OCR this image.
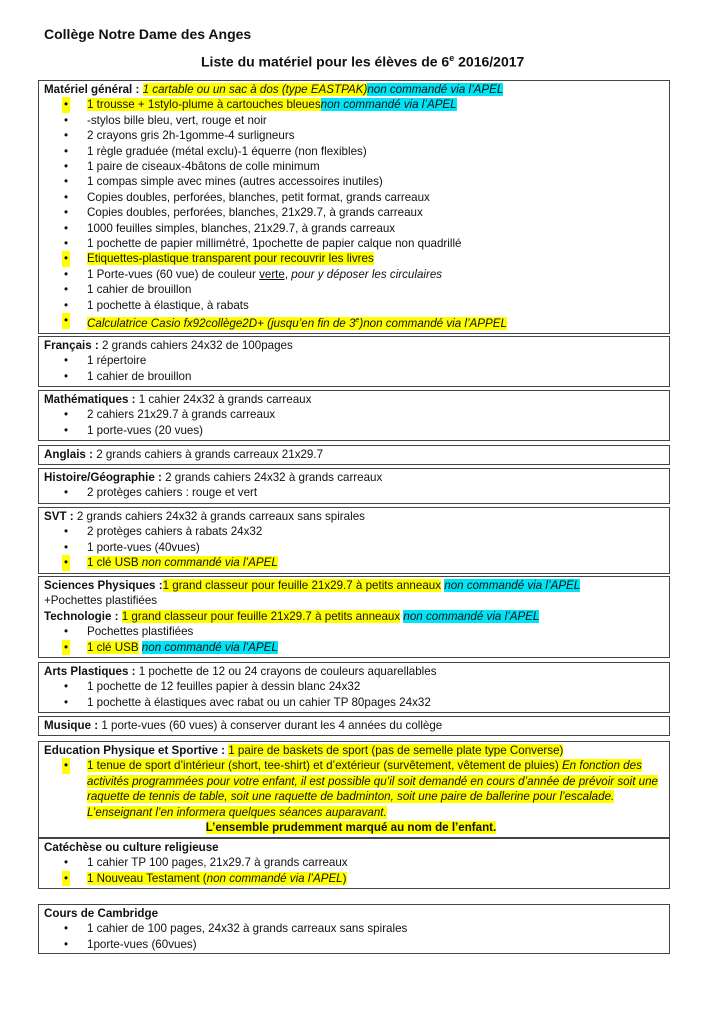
Collège Notre Dame des Anges
Liste du matériel pour les élèves de 6e 2016/2017
Matériel général : 1 cartable ou un sac à dos (type EASTPAK)non commandé via l’APEL
• 1 trousse + 1stylo-plume à cartouches bleuesnon commandé via l’APEL
• -stylos bille bleu, vert, rouge et noir
• 2 crayons gris 2h-1gomme-4 surligneurs
• 1 règle graduée (métal exclu)-1 équerre (non flexibles)
• 1 paire de ciseaux-4bâtons de colle minimum
• 1 compas simple avec mines (autres accessoires inutiles)
• Copies doubles, perforées, blanches, petit format, grands carreaux
• Copies doubles, perforées, blanches, 21x29.7, à grands carreaux
• 1000 feuilles simples, blanches, 21x29.7, à grands carreaux
• 1 pochette de papier millimétré, 1pochette de papier calque non quadrillé
• Etiquettes-plastique transparent pour recouvrir les livres
• 1 Porte-vues (60 vue) de couleur verte, pour y déposer les circulaires
• 1 cahier de brouillon
• 1 pochette à élastique, à rabats
• Calculatrice Casio fx92collège2D+ (jusqu’en fin de 3e)non commandé via l’APPEL
Français : 2 grands cahiers 24x32 de 100pages
• 1 répertoire
• 1 cahier de brouillon
Mathématiques : 1 cahier 24x32 à grands carreaux
• 2 cahiers 21x29.7 à grands carreaux
• 1 porte-vues (20 vues)
Anglais : 2 grands cahiers à grands carreaux 21x29.7
Histoire/Géographie : 2 grands cahiers 24x32 à grands carreaux
• 2 protèges cahiers : rouge et vert
SVT : 2 grands cahiers 24x32 à grands carreaux sans spirales
• 2 protèges cahiers à rabats 24x32
• 1 porte-vues (40vues)
• 1 clé USB non commandé via l’APEL
Sciences Physiques :1 grand classeur pour feuille 21x29.7 à petits anneaux non commandé via l’APEL
+Pochettes plastifiées
Technologie : 1 grand classeur pour feuille 21x29.7 à petits anneaux non commandé via l’APEL
• Pochettes plastifiées
• 1 clé USB non commandé via l’APEL
Arts Plastiques : 1 pochette de 12 ou 24 crayons de couleurs aquarellables
• 1 pochette de 12 feuilles papier à dessin blanc 24x32
• 1 pochette à élastiques avec rabat ou un cahier TP 80pages 24x32
Musique : 1 porte-vues (60 vues) à conserver durant les 4 années du collège
Education Physique et Sportive : 1 paire de baskets de sport (pas de semelle plate type Converse)
• 1 tenue de sport d’intérieur (short, tee-shirt) et d’extérieur (survêtement, vêtement de pluies) En fonction des activités programmées pour votre enfant, il est possible qu’il soit demandé en cours d’année de prévoir soit une raquette de tennis de table, soit une raquette de badminton, soit une paire de ballerine pour l’escalade. L’enseignant l’en informera quelques séances auparavant.
L’ensemble prudemment marqué au nom de l’enfant.
Catéchèse ou culture religieuse
• 1 cahier TP 100 pages, 21x29.7 à grands carreaux
• 1 Nouveau Testament (non commandé via l’APEL)
Cours de Cambridge
• 1 cahier de 100 pages, 24x32 à grands carreaux sans spirales
• 1porte-vues (60vues)
